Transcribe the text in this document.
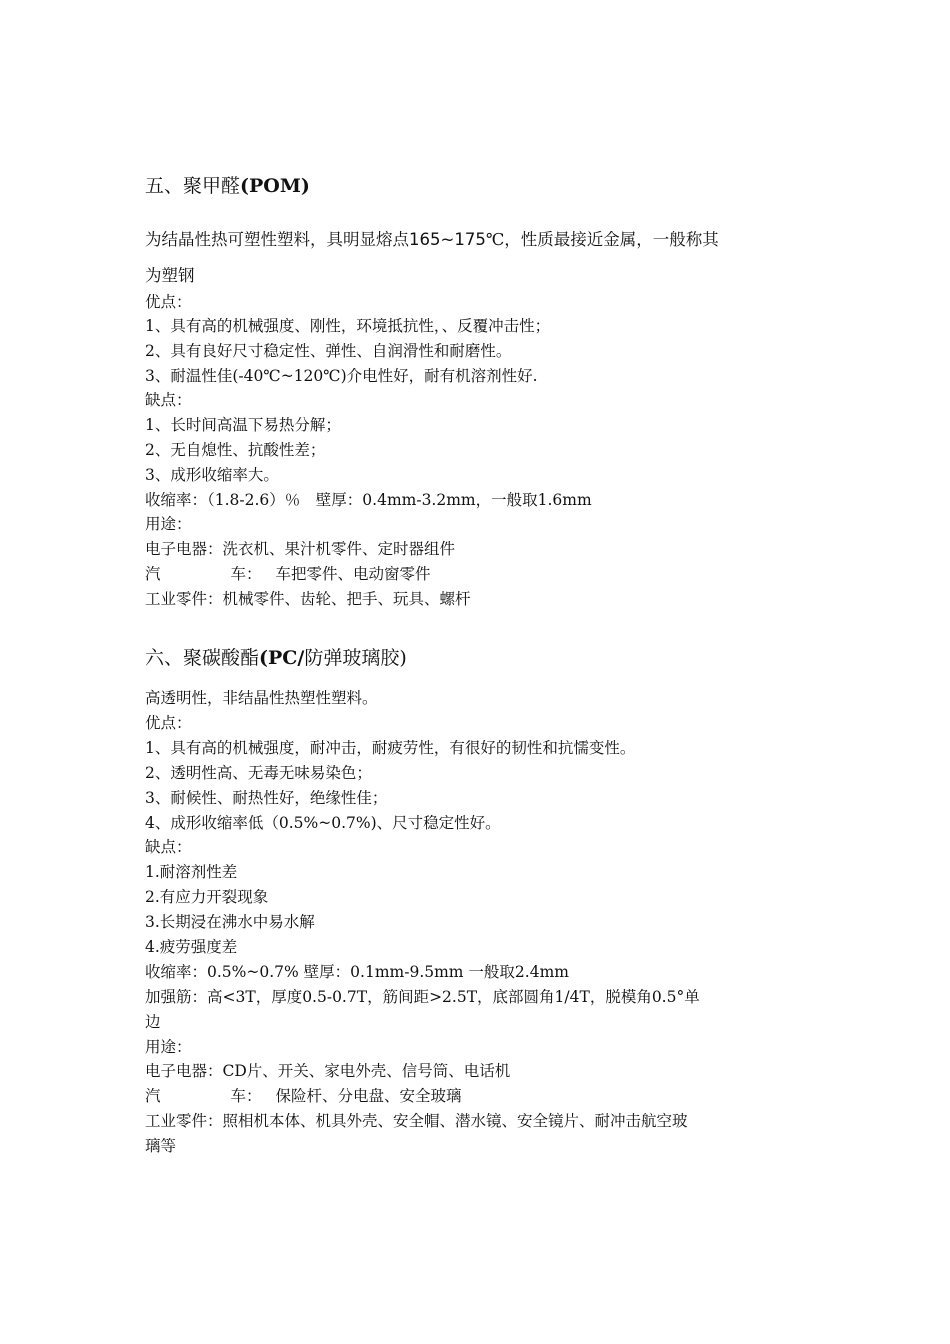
五、聚甲醛(POM)
为结晶性热可塑性塑料，具明显熔点165~175℃，性质最接近金属，一般称其
为塑钢
优点：
1、具有高的机械强度、刚性，环境抵抗性，、反覆冲击性；
2、具有良好尺寸稳定性、弹性、自润滑性和耐磨性。
3、耐温性佳(-40℃~120℃)介电性好，耐有机溶剂性好.
缺点：
1、长时间高温下易热分解；
2、无自熄性、抗酸性差；
3、成形收缩率大。
收缩率：（1.8-2.6）％　壁厚：0.4mm-3.2mm，一般取1.6mm
用途：
电子电器：洗衣机、果汁机零件、定时器组件
汽	车： 车把零件、电动窗零件
工业零件：机械零件、齿轮、把手、玩具、螺杆
六、聚碳酸酯(PC/防弹玻璃胶)
高透明性，非结晶性热塑性塑料。
优点：
1、具有高的机械强度，耐冲击，耐疲劳性，有很好的韧性和抗懦变性。
2、透明性高、无毒无味易染色；
3、耐候性、耐热性好，绝缘性佳；
4、成形收缩率低（0.5%~0.7%)、尺寸稳定性好。
缺点：
1.耐溶剂性差
2.有应力开裂现象
3.长期浸在沸水中易水解
4.疲劳强度差
收缩率：0.5%~0.7% 壁厚：0.1mm-9.5mm 一般取2.4mm
加强筋：高<3T，厚度0.5-0.7T，筋间距>2.5T，底部圆角1/4T，脱模角0.5°单
边
用途：
电子电器：CD片、开关、家电外壳、信号筒、电话机
汽	车： 保险杆、分电盘、安全玻璃
工业零件：照相机本体、机具外壳、安全帽、潜水镜、安全镜片、耐冲击航空玻
璃等
